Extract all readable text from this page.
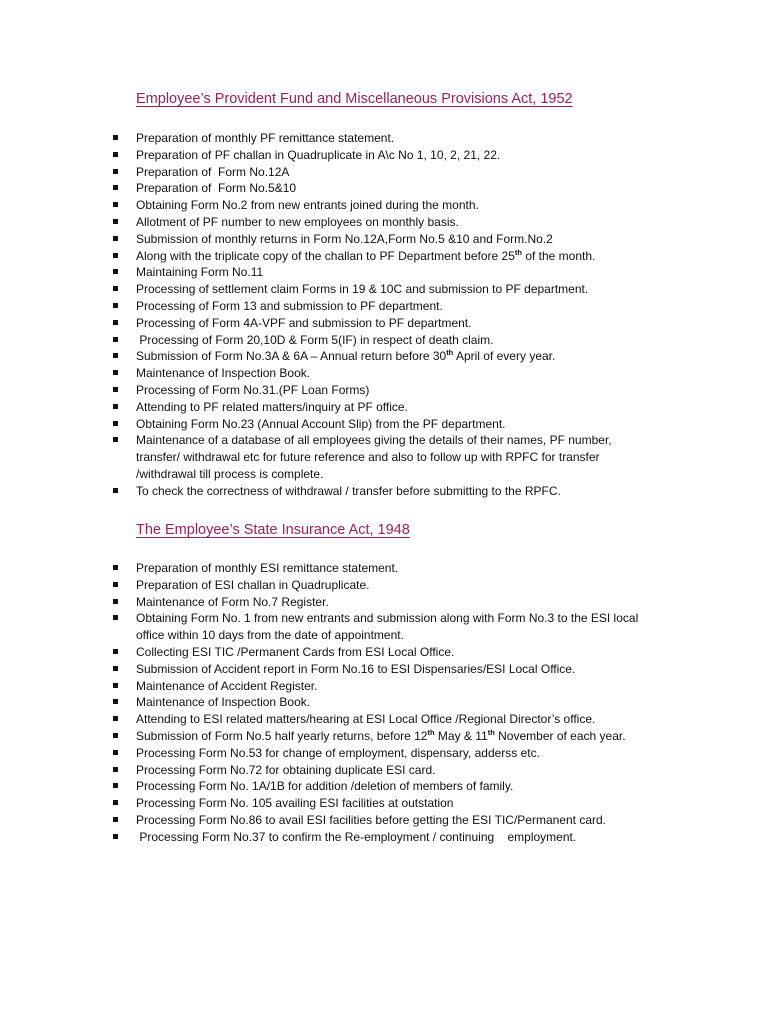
Employee’s Provident Fund and Miscellaneous Provisions Act, 1952
Preparation of monthly PF remittance statement.
Preparation of PF challan in Quadruplicate in A\c No 1, 10, 2, 21, 22.
Preparation of  Form No.12A
Preparation of  Form No.5&10
Obtaining Form No.2 from new entrants joined during the month.
Allotment of PF number to new employees on monthly basis.
Submission of monthly returns in Form No.12A,Form No.5 &10 and Form.No.2
Along with the triplicate copy of the challan to PF Department before 25th of the month.
Maintaining Form No.11
Processing of settlement claim Forms in 19 & 10C and submission to PF department.
Processing of Form 13 and submission to PF department.
Processing of Form 4A-VPF and submission to PF department.
Processing of Form 20,10D & Form 5(IF) in respect of death claim.
Submission of Form No.3A & 6A – Annual return before 30th April of every year.
Maintenance of Inspection Book.
Processing of Form No.31.(PF Loan Forms)
Attending to PF related matters/inquiry at PF office.
Obtaining Form No.23 (Annual Account Slip) from the PF department.
Maintenance of a database of all employees giving the details of their names, PF number, transfer/ withdrawal etc for future reference and also to follow up with RPFC for transfer /withdrawal till process is complete.
To check the correctness of withdrawal / transfer before submitting to the RPFC.
The Employee’s State Insurance Act, 1948
Preparation of monthly ESI remittance statement.
Preparation of ESI challan in Quadruplicate.
Maintenance of Form No.7 Register.
Obtaining Form No. 1 from new entrants and submission along with Form No.3 to the ESI local office within 10 days from the date of appointment.
Collecting ESI TIC /Permanent Cards from ESI Local Office.
Submission of Accident report in Form No.16 to ESI Dispensaries/ESI Local Office.
Maintenance of Accident Register.
Maintenance of Inspection Book.
Attending to ESI related matters/hearing at ESI Local Office /Regional Director’s office.
Submission of Form No.5 half yearly returns, before 12th May & 11th November of each year.
Processing Form No.53 for change of employment, dispensary, adderss etc.
Processing Form No.72 for obtaining duplicate ESI card.
Processing Form No. 1A/1B for addition /deletion of members of family.
Processing Form No. 105 availing ESI facilities at outstation
Processing Form No.86 to avail ESI facilities before getting the ESI TIC/Permanent card.
Processing Form No.37 to confirm the Re-employment / continuing    employment.
